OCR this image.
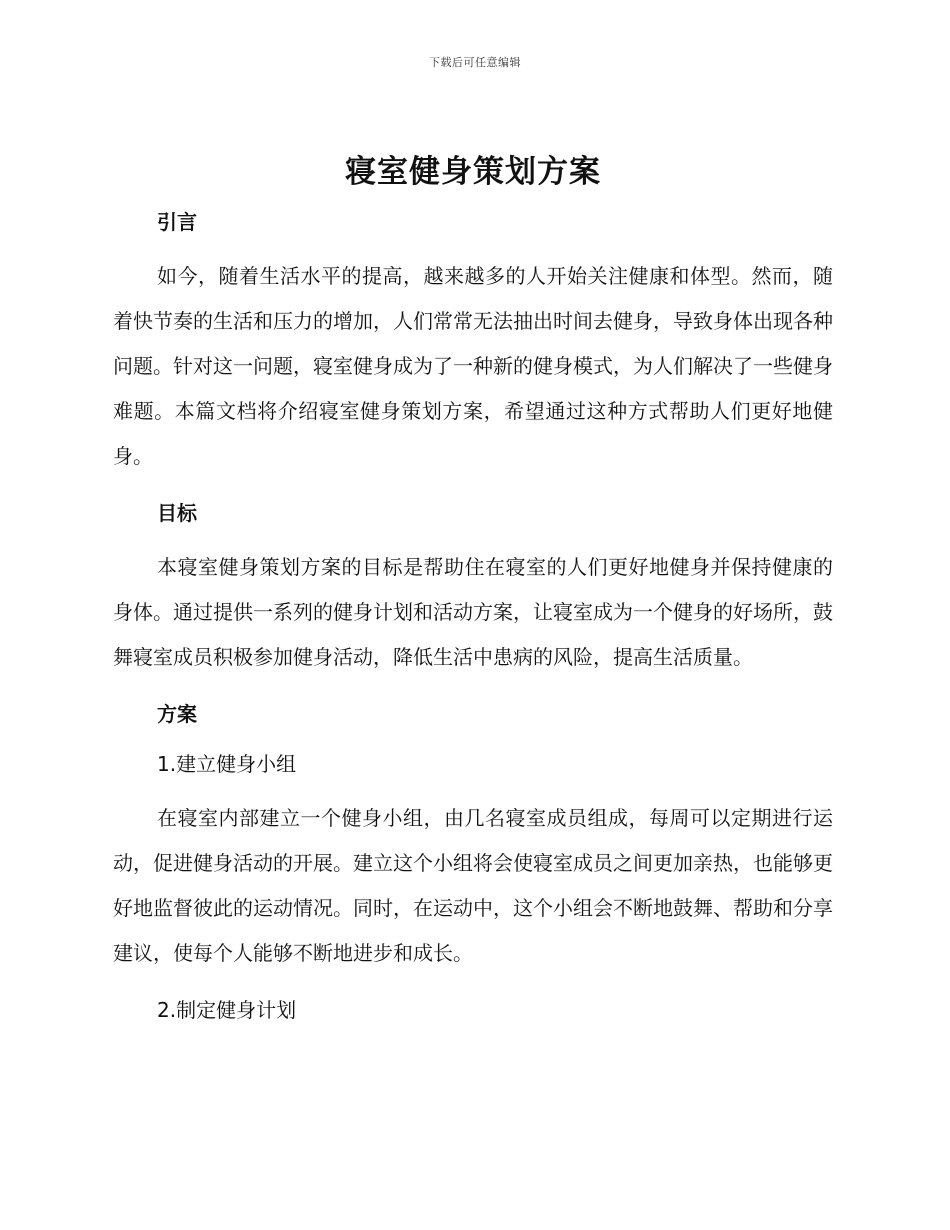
下载后可任意编辑
寝室健身策划方案
引言

如今，随着生活水平的提高，越来越多的人开始关注健康和体型。然而，随着快节奏的生活和压力的增加，人们常常无法抽出时间去健身，导致身体出现各种问题。针对这一问题，寝室健身成为了一种新的健身模式，为人们解决了一些健身难题。本篇文档将介绍寝室健身策划方案，希望通过这种方式帮助人们更好地健身。

目标

本寝室健身策划方案的目标是帮助住在寝室的人们更好地健身并保持健康的身体。通过提供一系列的健身计划和活动方案，让寝室成为一个健身的好场所，鼓舞寝室成员积极参加健身活动，降低生活中患病的风险，提高生活质量。

方案

1.建立健身小组

在寝室内部建立一个健身小组，由几名寝室成员组成，每周可以定期进行运动，促进健身活动的开展。建立这个小组将会使寝室成员之间更加亲热，也能够更好地监督彼此的运动情况。同时，在运动中，这个小组会不断地鼓舞、帮助和分享建议，使每个人能够不断地进步和成长。

2.制定健身计划
